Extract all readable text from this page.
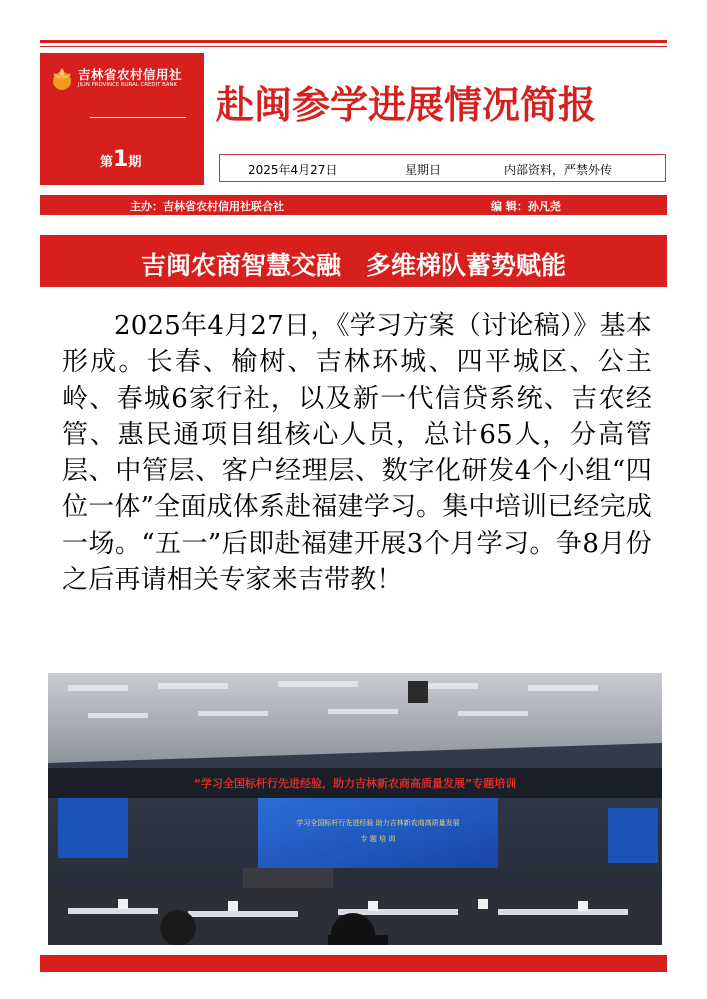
吉林省农村信用社
JILIN PROVINCE RURAL CREDIT BANK
第1期
赴闽参学进展情况简报
2025年4月27日	星期日	内部资料，严禁外传
主办：吉林省农村信用社联合社	编 辑：孙凡尧
吉闽农商智慧交融　多维梯队蓄势赋能
2025年4月27日，《学习方案（讨论稿）》基本形成。长春、榆树、吉林环城、四平城区、公主岭、春城6家行社，以及新一代信贷系统、吉农经管、惠民通项目组核心人员，总计65人，分高管层、中管层、客户经理层、数字化研发4个小组“四位一体”全面成体系赴福建学习。集中培训已经完成一场。“五一”后即赴福建开展3个月学习。争8月份之后再请相关专家来吉带教！
“学习全国标杆行先进经验，助力吉林新农商高质量发展”专题培训
学习全国标杆行先进经验 助力吉林新农商高质量发展
专 题 培 训
